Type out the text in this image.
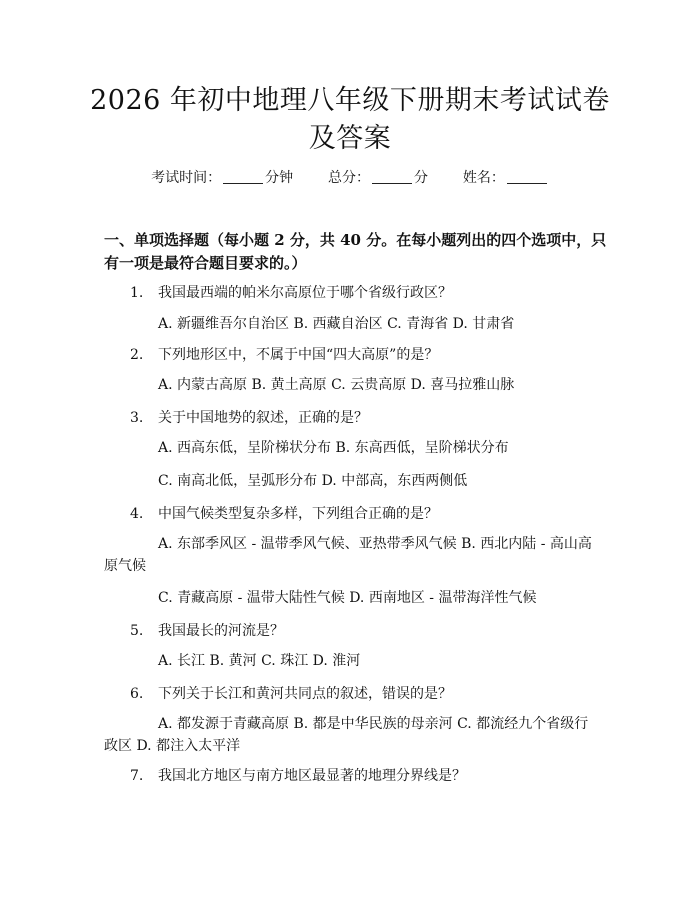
2026 年初中地理八年级下册期末考试试卷及答案
考试时间：	分钟 总分：	分 姓名：
一、单项选择题（每小题 2 分，共 40 分。在每小题列出的四个选项中，只有一项是最符合题目要求的。）
1. 我国最西端的帕米尔高原位于哪个省级行政区？
A. 新疆维吾尔自治区 B. 西藏自治区 C. 青海省 D. 甘肃省
2. 下列地形区中，不属于中国“四大高原”的是？
A. 内蒙古高原 B. 黄土高原 C. 云贵高原 D. 喜马拉雅山脉
3. 关于中国地势的叙述，正确的是？
A. 西高东低，呈阶梯状分布 B. 东高西低，呈阶梯状分布
C. 南高北低，呈弧形分布 D. 中部高，东西两侧低
4. 中国气候类型复杂多样，下列组合正确的是？
A. 东部季风区 - 温带季风气候、亚热带季风气候 B. 西北内陆 - 高山高原气候
C. 青藏高原 - 温带大陆性气候 D. 西南地区 - 温带海洋性气候
5. 我国最长的河流是？
A. 长江 B. 黄河 C. 珠江 D. 淮河
6. 下列关于长江和黄河共同点的叙述，错误的是？
A. 都发源于青藏高原 B. 都是中华民族的母亲河 C. 都流经九个省级行政区 D. 都注入太平洋
7. 我国北方地区与南方地区最显著的地理分界线是？
